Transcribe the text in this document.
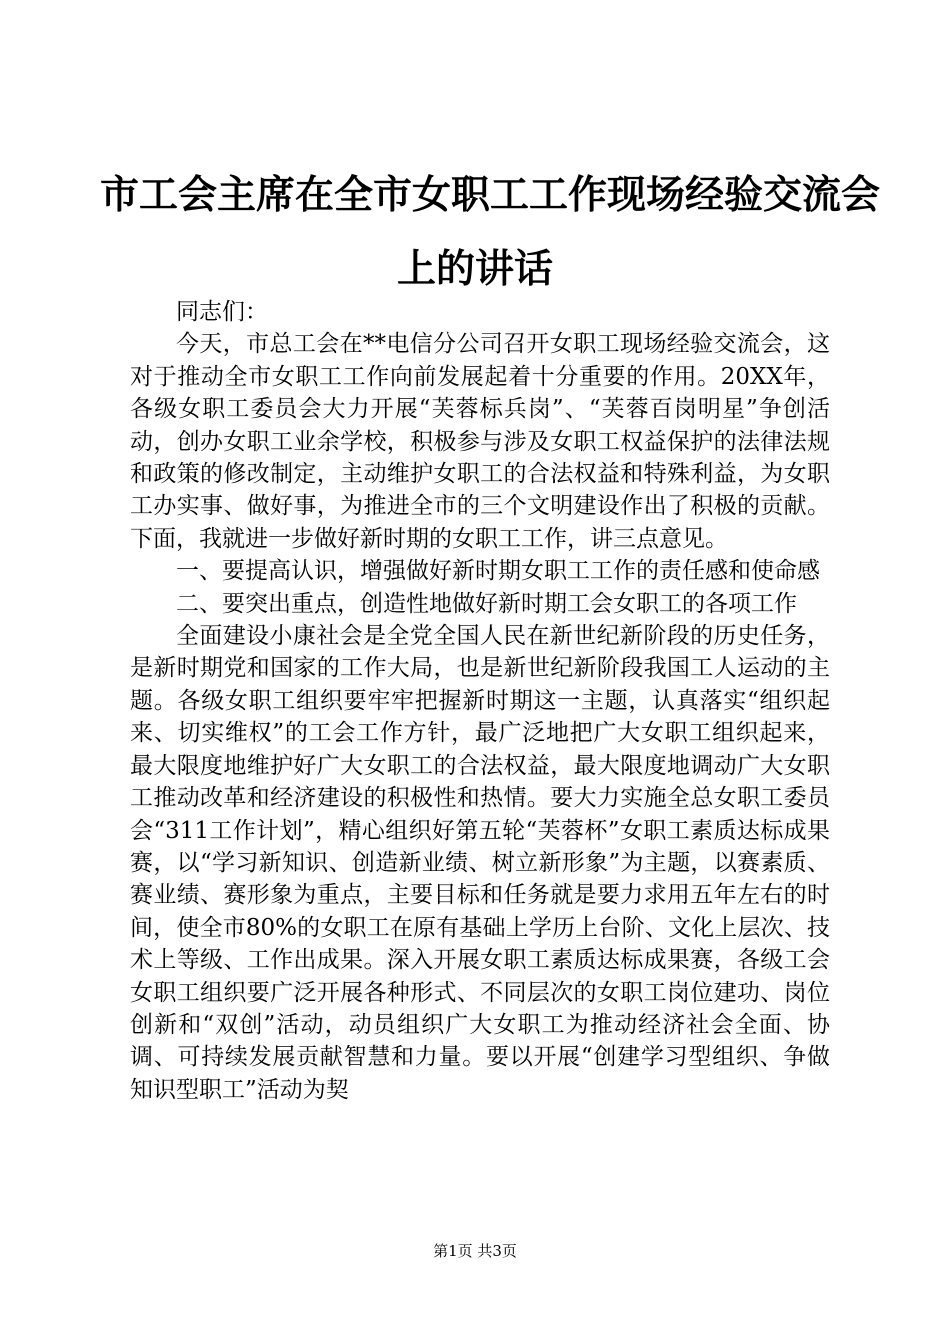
市工会主席在全市女职工工作现场经验交流会
上的讲话

同志们：

今天，市总工会在**电信分公司召开女职工现场经验交流会，这对于推动全市女职工工作向前发展起着十分重要的作用。20XX年，各级女职工委员会大力开展“芙蓉标兵岗”、“芙蓉百岗明星”争创活动，创办女职工业余学校，积极参与涉及女职工权益保护的法律法规和政策的修改制定，主动维护女职工的合法权益和特殊利益，为女职工办实事、做好事，为推进全市的三个文明建设作出了积极的贡献。下面，我就进一步做好新时期的女职工工作，讲三点意见。

一、要提高认识，增强做好新时期女职工工作的责任感和使命感

二、要突出重点，创造性地做好新时期工会女职工的各项工作

全面建设小康社会是全党全国人民在新世纪新阶段的历史任务，是新时期党和国家的工作大局，也是新世纪新阶段我国工人运动的主题。各级女职工组织要牢牢把握新时期这一主题，认真落实“组织起来、切实维权”的工会工作方针，最广泛地把广大女职工组织起来，最大限度地维护好广大女职工的合法权益，最大限度地调动广大女职工推动改革和经济建设的积极性和热情。要大力实施全总女职工委员会“311工作计划”，精心组织好第五轮“芙蓉杯”女职工素质达标成果赛，以“学习新知识、创造新业绩、树立新形象”为主题，以赛素质、赛业绩、赛形象为重点，主要目标和任务就是要力求用五年左右的时间，使全市80%的女职工在原有基础上学历上台阶、文化上层次、技术上等级、工作出成果。深入开展女职工素质达标成果赛，各级工会女职工组织要广泛开展各种形式、不同层次的女职工岗位建功、岗位创新和“双创”活动，动员组织广大女职工为推动经济社会全面、协调、可持续发展贡献智慧和力量。要以开展“创建学习型组织、争做知识型职工”活动为契

第1页 共3页
